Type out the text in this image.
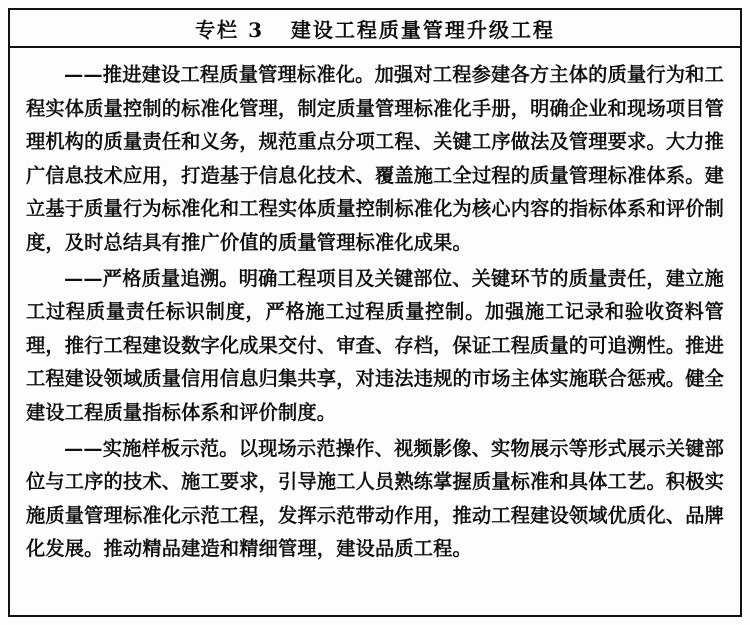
专栏 3   建设工程质量管理升级工程

——推进建设工程质量管理标准化。加强对工程参建各方主体的质量行为和工程实体质量控制的标准化管理，制定质量管理标准化手册，明确企业和现场项目管理机构的质量责任和义务，规范重点分项工程、关键工序做法及管理要求。大力推广信息技术应用，打造基于信息化技术、覆盖施工全过程的质量管理标准体系。建立基于质量行为标准化和工程实体质量控制标准化为核心内容的指标体系和评价制度，及时总结具有推广价值的质量管理标准化成果。

——严格质量追溯。明确工程项目及关键部位、关键环节的质量责任，建立施工过程质量责任标识制度，严格施工过程质量控制。加强施工记录和验收资料管理，推行工程建设数字化成果交付、审查、存档，保证工程质量的可追溯性。推进工程建设领域质量信用信息归集共享，对违法违规的市场主体实施联合惩戒。健全建设工程质量指标体系和评价制度。

——实施样板示范。以现场示范操作、视频影像、实物展示等形式展示关键部位与工序的技术、施工要求，引导施工人员熟练掌握质量标准和具体工艺。积极实施质量管理标准化示范工程，发挥示范带动作用，推动工程建设领域优质化、品牌化发展。推动精品建造和精细管理，建设品质工程。
